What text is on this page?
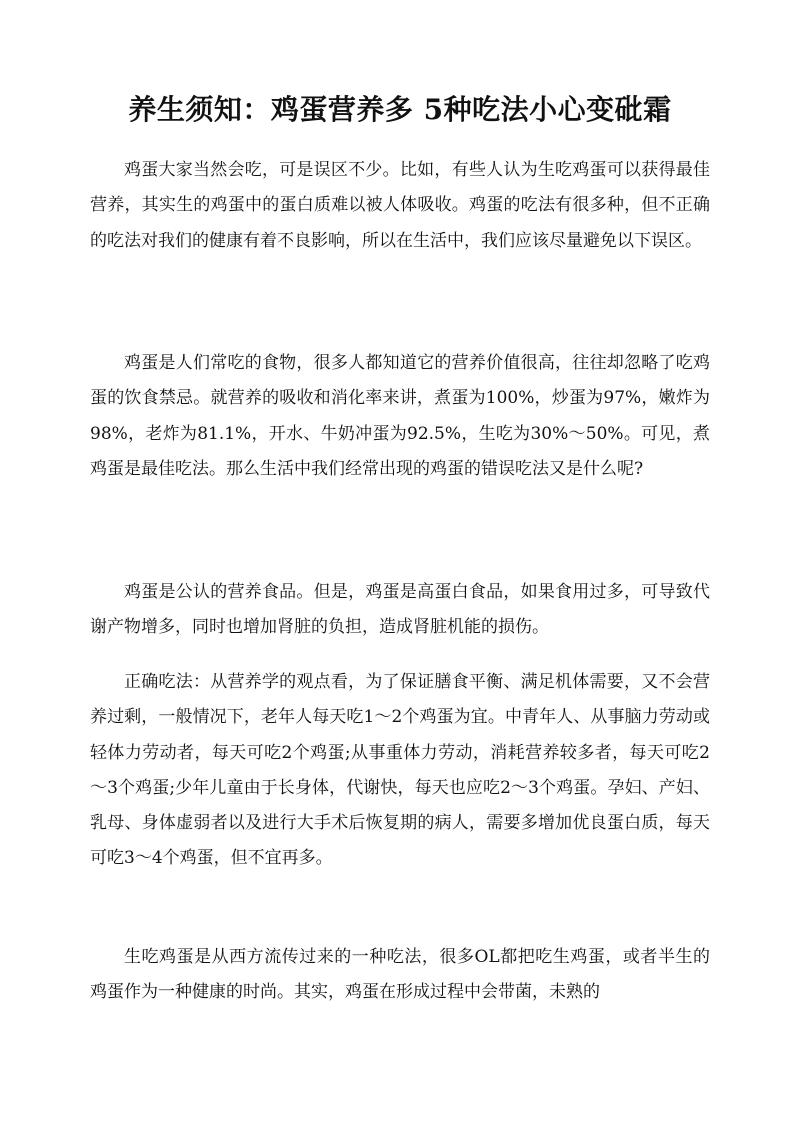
养生须知：鸡蛋营养多 5种吃法小心变砒霜

鸡蛋大家当然会吃，可是误区不少。比如，有些人认为生吃鸡蛋可以获得最佳营养，其实生的鸡蛋中的蛋白质难以被人体吸收。鸡蛋的吃法有很多种，但不正确的吃法对我们的健康有着不良影响，所以在生活中，我们应该尽量避免以下误区。

鸡蛋是人们常吃的食物，很多人都知道它的营养价值很高，往往却忽略了吃鸡蛋的饮食禁忌。就营养的吸收和消化率来讲，煮蛋为100%，炒蛋为97%，嫩炸为98%，老炸为81.1%，开水、牛奶冲蛋为92.5%，生吃为30%～50%。可见，煮鸡蛋是最佳吃法。那么生活中我们经常出现的鸡蛋的错误吃法又是什么呢?

鸡蛋是公认的营养食品。但是，鸡蛋是高蛋白食品，如果食用过多，可导致代谢产物增多，同时也增加肾脏的负担，造成肾脏机能的损伤。

正确吃法：从营养学的观点看，为了保证膳食平衡、满足机体需要，又不会营养过剩，一般情况下，老年人每天吃1～2个鸡蛋为宜。中青年人、从事脑力劳动或轻体力劳动者，每天可吃2个鸡蛋;从事重体力劳动，消耗营养较多者，每天可吃2～3个鸡蛋;少年儿童由于长身体，代谢快，每天也应吃2～3个鸡蛋。孕妇、产妇、乳母、身体虚弱者以及进行大手术后恢复期的病人，需要多增加优良蛋白质，每天可吃3～4个鸡蛋，但不宜再多。

生吃鸡蛋是从西方流传过来的一种吃法，很多OL都把吃生鸡蛋，或者半生的鸡蛋作为一种健康的时尚。其实，鸡蛋在形成过程中会带菌，未熟的
